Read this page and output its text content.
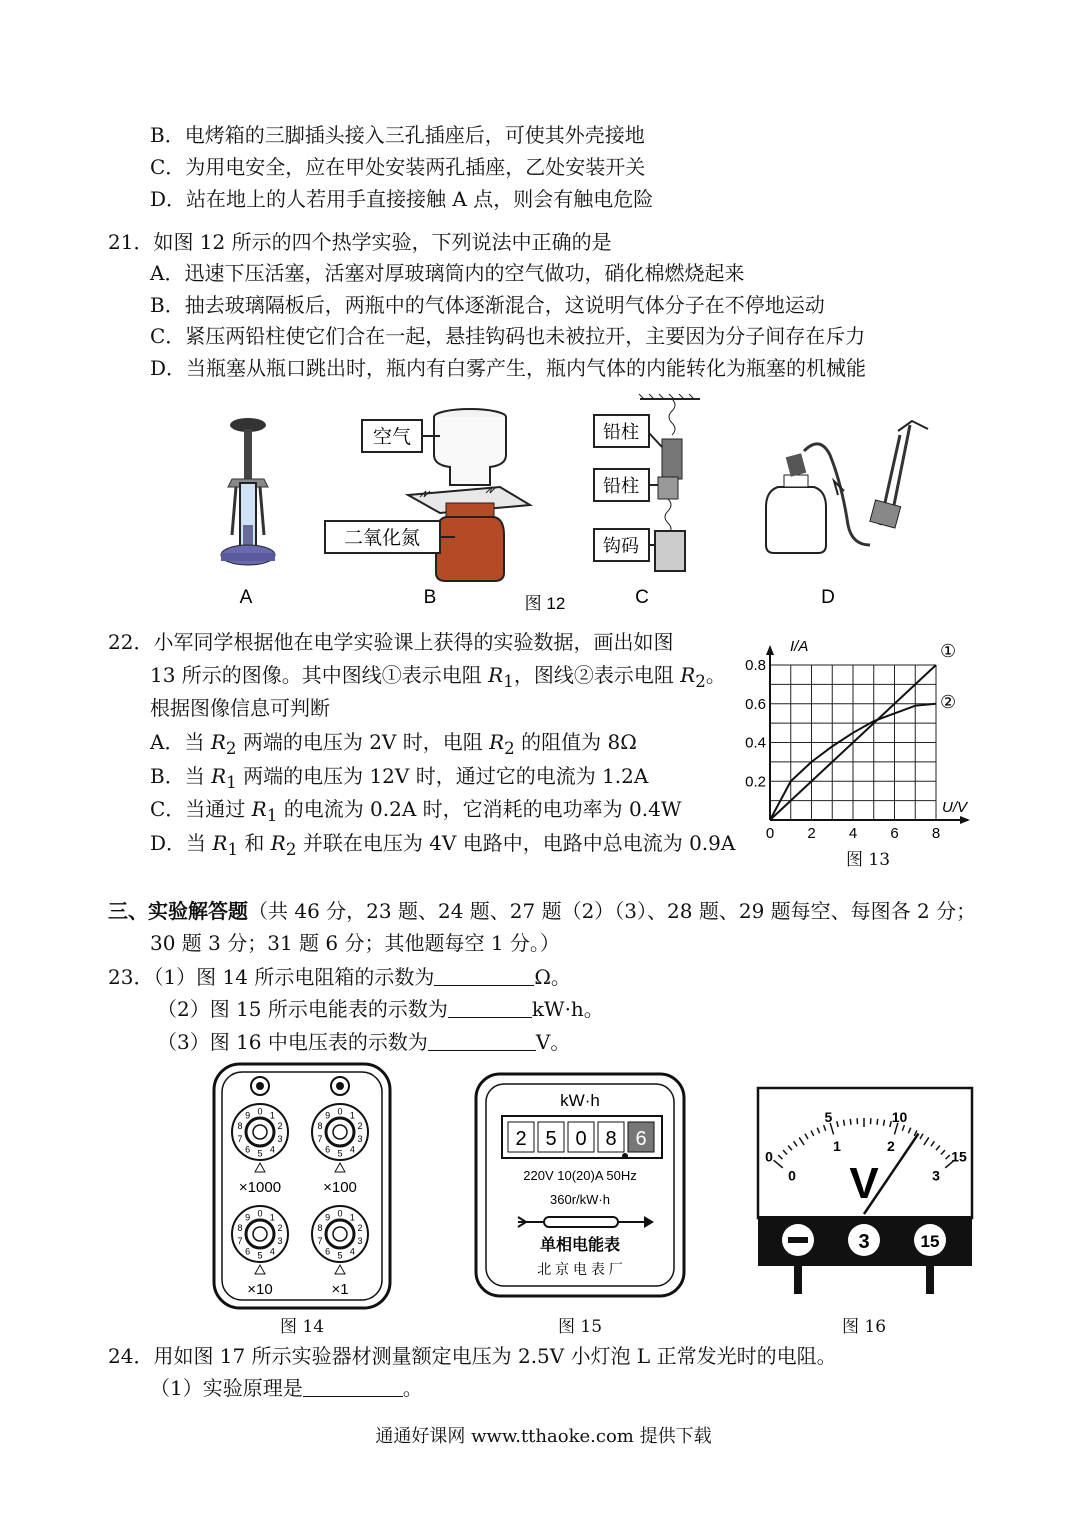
B．电烤箱的三脚插头接入三孔插座后，可使其外壳接地
C．为用电安全，应在甲处安装两孔插座，乙处安装开关
D．站在地上的人若用手直接接触 A 点，则会有触电危险
21．如图 12 所示的四个热学实验，下列说法中正确的是
A．迅速下压活塞，活塞对厚玻璃筒内的空气做功，硝化棉燃烧起来
B．抽去玻璃隔板后，两瓶中的气体逐渐混合，这说明气体分子在不停地运动
C．紧压两铅柱使它们合在一起，悬挂钩码也未被拉开，主要因为分子间存在斥力
D．当瓶塞从瓶口跳出时，瓶内有白雾产生，瓶内气体的内能转化为瓶塞的机械能
空气
二氧化氮
铅柱
铅柱
钩码
A	B	图 12	C	D
22．小军同学根据他在电学实验课上获得的实验数据，画出如图
13 所示的图像。其中图线①表示电阻 $R_1$，图线②表示电阻 $R_2$。
根据图像信息可判断
A．当 $R_2$ 两端的电压为 2V 时，电阻 $R_2$ 的阻值为 8Ω
B．当 $R_1$ 两端的电压为 12V 时，通过它的电流为 1.2A
C．当通过 $R_1$ 的电流为 0.2A 时，它消耗的电功率为 0.4W
D．当 $R_1$ 和 $R_2$ 并联在电压为 4V 电路中，电路中总电流为 0.9A 0 2 4 6 8
0.2
0.4
0.6
0.8
I/A
U/V
①
②
图 13
三、实验解答题（共 46 分，23 题、24 题、27 题（2）（3）、28 题、29 题每空、每图各 2 分；
30 题 3 分；31 题 6 分；其他题每空 1 分。）
23．（1）图 14 所示电阻箱的示数为	Ω。
（2）图 15 所示电能表的示数为	kW·h。
（3）图 16 中电压表的示数为	V。
0 1
2
3
4
5
6
7
8
9	0 1
2
3
4
5
6
7
8
9
0 1
2
3
4
5
6
7
8
9	0 1
2
3
4
5
6
7
8
9
×1000	×100
×10	×1
图 14
kW·h
2 5 0 8 6
220V 10(20)A 50Hz
360r/kW·h
单相电能表
北 京 电 表 厂
图 15
0
5	10
15
0
1	2
3
V
3	15
图 16
24．用如图 17 所示实验器材测量额定电压为 2.5V 小灯泡 L 正常发光时的电阻。
（1）实验原理是	。
通通好课网 www.tthaoke.com 提供下载
